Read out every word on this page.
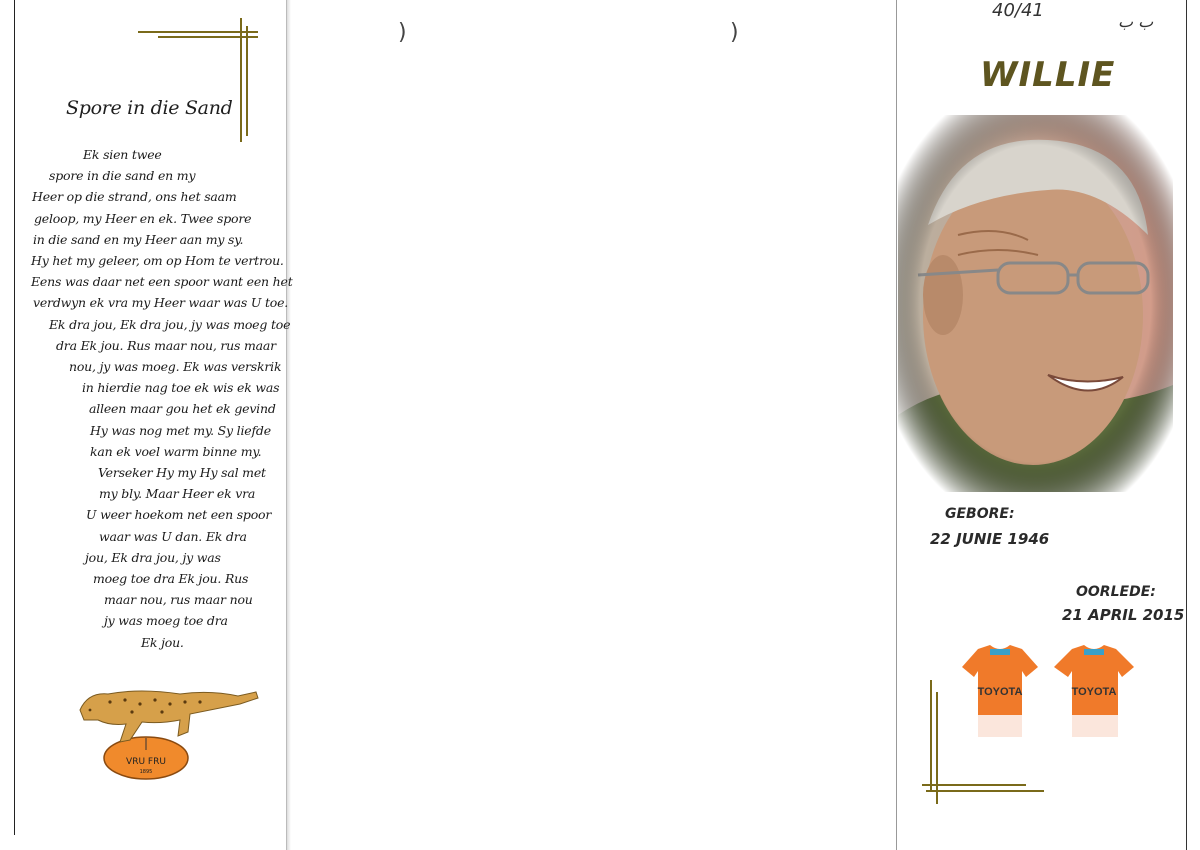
)	)
Spore in die Sand
Ek sien twee
spore in die sand en my
Heer op die strand, ons het saam
geloop, my Heer en ek. Twee spore
in die sand en my Heer aan my sy.
Hy het my geleer, om op Hom te vertrou.
Eens was daar net een spoor want een het
verdwyn ek vra my Heer waar was U toe.
Ek dra jou, Ek dra jou, jy was moeg toe
dra Ek jou. Rus maar nou, rus maar
nou, jy was moeg. Ek was verskrik
in hierdie nag toe ek wis ek was
alleen maar gou het ek gevind
Hy was nog met my. Sy liefde
kan ek voel warm binne my.
Verseker Hy my Hy sal met
my bly. Maar Heer ek vra
U weer hoekom net een spoor
waar was U dan. Ek dra
jou, Ek dra jou, jy was
moeg toe dra Ek jou. Rus
maar nou, rus maar nou
jy was moeg toe dra
Ek jou.
VRU FRU
1895
40/41
ب ب
WILLIE
GEBORE:
22 JUNIE 1946
OORLEDE:
21 APRIL 2015
TOYOTA	TOYOTA
